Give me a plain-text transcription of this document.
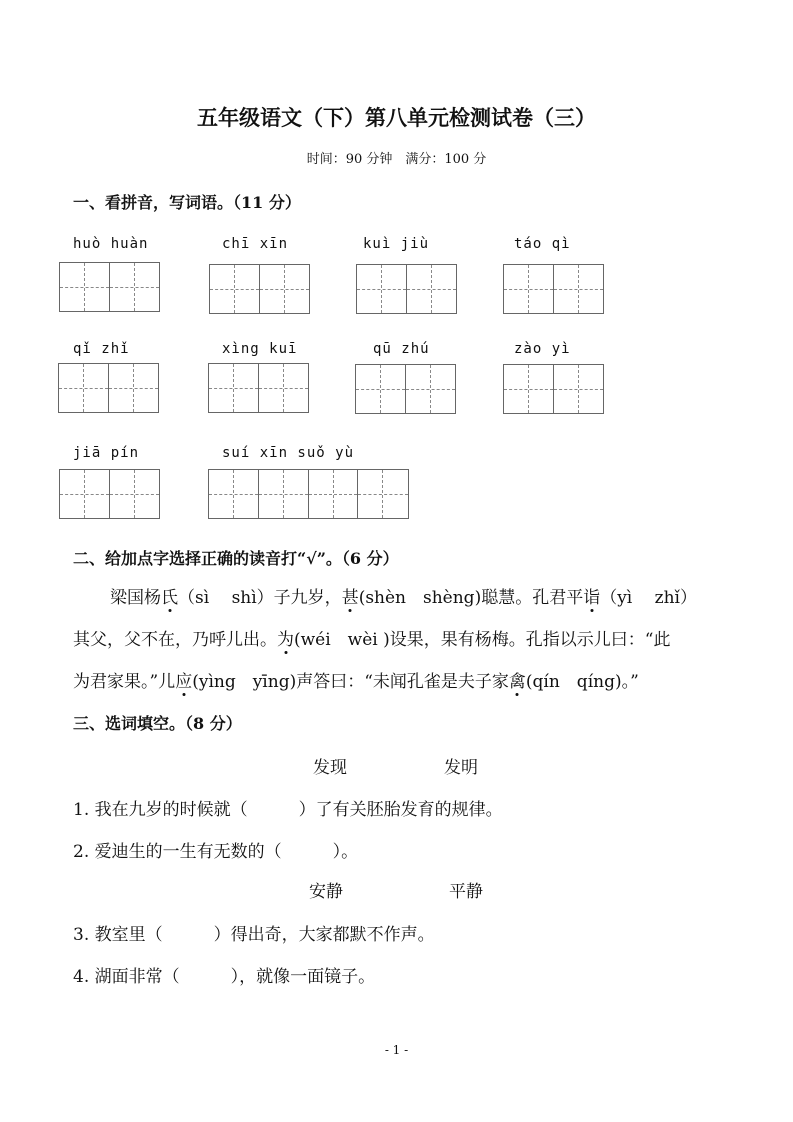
五年级语文（下）第八单元检测试卷（三）
时间：90 分钟　满分：100 分
一、看拼音，写词语。（11 分）
huò huàn	chī xīn	kuì jiù	táo qì
qǐ zhǐ	xìng kuī	qū zhú	zào yì
jiā pín	suí xīn suǒ yù
二、给加点字选择正确的读音打“√”。（6 分）
梁国杨氏（sì　 shì）子九岁，甚(shèn　shèng)聪慧。孔君平诣（yì　 zhǐ）
其父，父不在，乃呼儿出。为(wéi　wèi )设果，果有杨梅。孔指以示儿曰：“此
为君家果。”儿应(yìng　yīng)声答曰：“未闻孔雀是夫子家禽(qín　qíng)。”
三、选词填空。（8 分）
发现	发明
1. 我在九岁的时候就（　　　）了有关胚胎发育的规律。
2. 爱迪生的一生有无数的（　　　）。
安静	平静
3. 教室里（　　　）得出奇，大家都默不作声。
4. 湖面非常（　　　），就像一面镜子。
- 1 -
